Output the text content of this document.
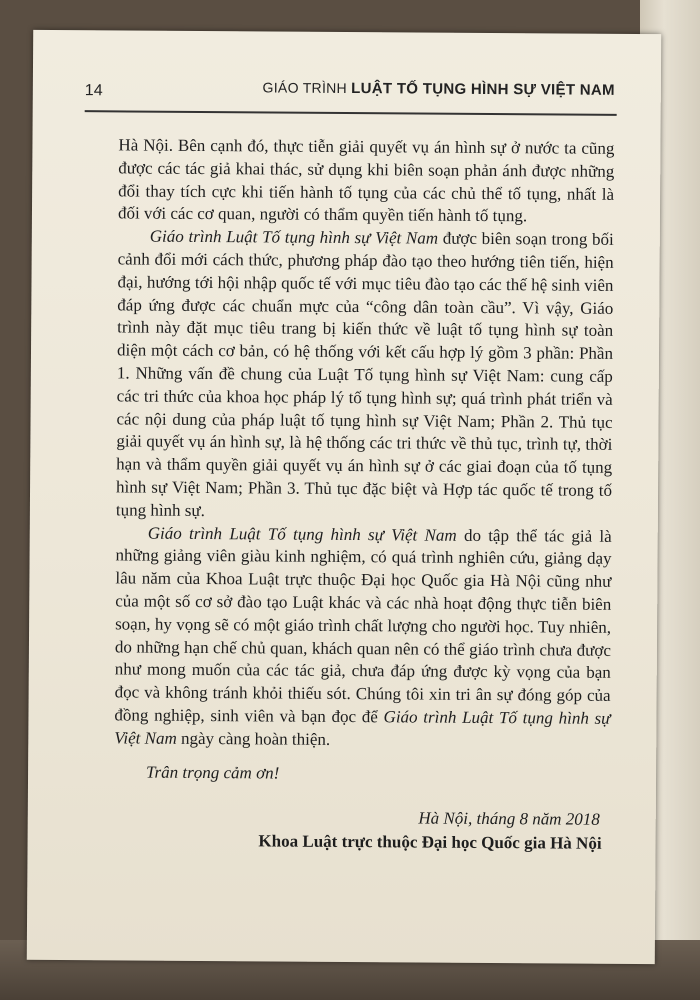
14	GIÁO TRÌNH LUẬT TỐ TỤNG HÌNH SỰ VIỆT NAM

Hà Nội. Bên cạnh đó, thực tiễn giải quyết vụ án hình sự ở nước ta cũng được các tác giả khai thác, sử dụng khi biên soạn phản ánh được những đổi thay tích cực khi tiến hành tố tụng của các chủ thể tố tụng, nhất là đối với các cơ quan, người có thẩm quyền tiến hành tố tụng.

Giáo trình Luật Tố tụng hình sự Việt Nam được biên soạn trong bối cảnh đổi mới cách thức, phương pháp đào tạo theo hướng tiên tiến, hiện đại, hướng tới hội nhập quốc tế với mục tiêu đào tạo các thế hệ sinh viên đáp ứng được các chuẩn mực của “công dân toàn cầu”. Vì vậy, Giáo trình này đặt mục tiêu trang bị kiến thức về luật tố tụng hình sự toàn diện một cách cơ bản, có hệ thống với kết cấu hợp lý gồm 3 phần: Phần 1. Những vấn đề chung của Luật Tố tụng hình sự Việt Nam: cung cấp các tri thức của khoa học pháp lý tố tụng hình sự; quá trình phát triển và các nội dung của pháp luật tố tụng hình sự Việt Nam; Phần 2. Thủ tục giải quyết vụ án hình sự, là hệ thống các tri thức về thủ tục, trình tự, thời hạn và thẩm quyền giải quyết vụ án hình sự ở các giai đoạn của tố tụng hình sự Việt Nam; Phần 3. Thủ tục đặc biệt và Hợp tác quốc tế trong tố tụng hình sự.

Giáo trình Luật Tố tụng hình sự Việt Nam do tập thể tác giả là những giảng viên giàu kinh nghiệm, có quá trình nghiên cứu, giảng dạy lâu năm của Khoa Luật trực thuộc Đại học Quốc gia Hà Nội cũng như của một số cơ sở đào tạo Luật khác và các nhà hoạt động thực tiễn biên soạn, hy vọng sẽ có một giáo trình chất lượng cho người học. Tuy nhiên, do những hạn chế chủ quan, khách quan nên có thể giáo trình chưa được như mong muốn của các tác giả, chưa đáp ứng được kỳ vọng của bạn đọc và không tránh khỏi thiếu sót. Chúng tôi xin tri ân sự đóng góp của đồng nghiệp, sinh viên và bạn đọc để Giáo trình Luật Tố tụng hình sự Việt Nam ngày càng hoàn thiện.

Trân trọng cảm ơn!
Hà Nội, tháng 8 năm 2018
Khoa Luật trực thuộc Đại học Quốc gia Hà Nội
